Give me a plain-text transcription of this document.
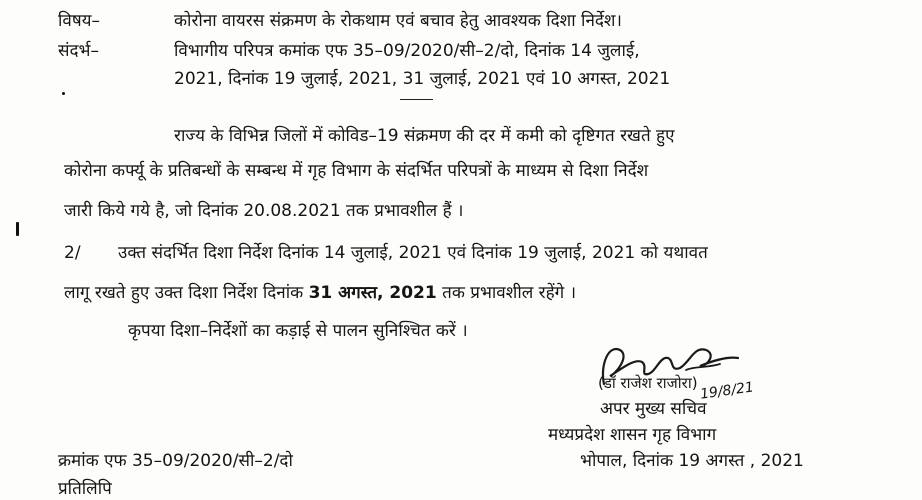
विषय–	कोरोना वायरस संक्रमण के रोकथाम एवं बचाव हेतु आवश्यक दिशा निर्देश।
संदर्भ–	विभागीय परिपत्र कमांक एफ 35–09/2020/सी–2/दो, दिनांक 14 जुलाई,
2021, दिनांक 19 जुलाई, 2021, 31 जुलाई, 2021 एवं 10 अगस्त, 2021
राज्य के विभिन्न जिलों में कोविड–19 संक्रमण की दर में कमी को दृष्टिगत रखते हुए
कोरोना कर्फ्यू के प्रतिबन्धों के सम्बन्ध में गृह विभाग के संदर्भित परिपत्रों के माध्यम से दिशा निर्देश
जारी किये गये है, जो दिनांक 20.08.2021 तक प्रभावशील हैं ।
2/ उक्त संदर्भित दिशा निर्देश दिनांक 14 जुलाई, 2021 एवं दिनांक 19 जुलाई, 2021 को यथावत
लागू रखते हुए उक्त दिशा निर्देश दिनांक 31 अगस्त, 2021 तक प्रभावशील रहेंगे ।
कृपया दिशा–निर्देशों का कड़ाई से पालन सुनिश्चित करें ।
(डॉ राजेश राजोरा) 19/8/21
अपर मुख्य सचिव
मध्यप्रदेश शासन गृह विभाग
क्रमांक एफ 35–09/2020/सी–2/दो	भोपाल, दिनांक 19 अगस्त , 2021
प्रतिलिपि
